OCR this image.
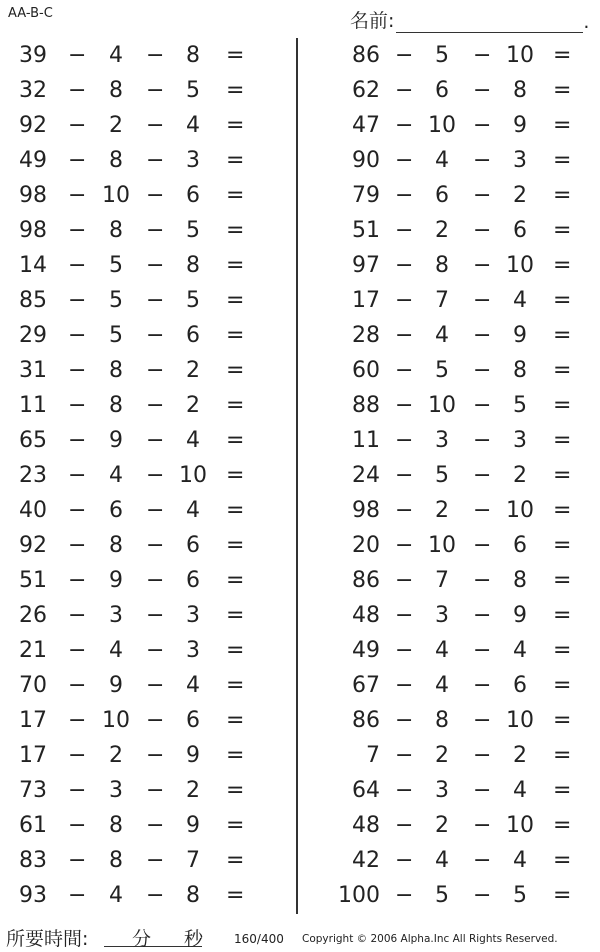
AA-B-C	名前:	.
39 −	4	− 8	=
32 −	8	− 5	=
92 −	2	− 4	=
49 −	8	− 3	=
98 − 10 − 6	=
98 −	8	− 5	=
14 −	5	− 8	=
85 −	5	− 5	=
29 −	5	− 6	=
31 −	8	− 2	=
11 −	8	− 2	=
65 −	9	− 4	=
23 −	4	− 10 =
40 −	6	− 4	=
92 −	8	− 6	=
51 −	9	− 6	=
26 −	3	− 3	=
21 −	4	− 3	=
70 −	9	− 4	=
17 − 10 − 6	=
17 −	2	− 9	=
73 −	3	− 2	=
61 −	8	− 9	=
83 −	8	− 7	=
93 −	4	− 8	=
86 − 5	− 10 =
62 − 6	− 8	=
47 − 10 − 9	=
90 − 4	− 3	=
79 − 6	− 2	=
51 − 2	− 6	=
97 − 8	− 10 =
17 − 7	− 4	=
28 − 4	− 9	=
60 − 5	− 8	=
88 − 10 − 5	=
11 − 3	− 3	=
24 − 5	− 2	=
98 − 2	− 10 =
20 − 10 − 6	=
86 − 7	− 8	=
48 − 3	− 9	=
49 − 4	− 4	=
67 − 4	− 6	=
86 − 8	− 10 =
7 − 2	− 2	=
64 − 3	− 4	=
48 − 2	− 10 =
42 − 4	− 4	=
100 − 5	− 5	=
所要時間: 分 秒	160/400 Copyright © 2006 Alpha.Inc All Rights Reserved.
